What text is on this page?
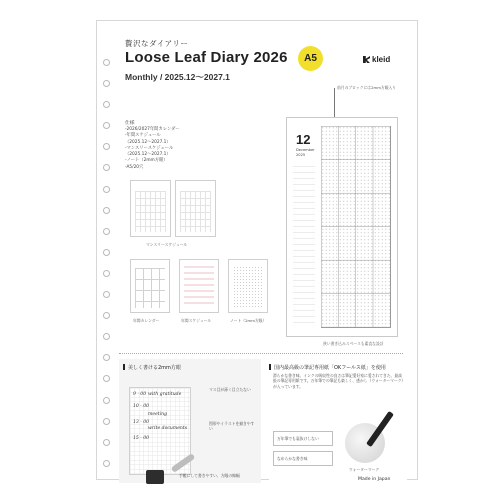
贅沢なダイアリー
Loose Leaf Diary 2026
Monthly / 2025.12〜2027.1
A5	kleid
仕様
-2026/2027年間カレンダー
-年間スケジュール
（2025.12〜2027.1）
-マンスリースケジュール
（2025.12〜2027.1）
-ノート（2mm方眼）
-A5/20穴
マンスリースケジュール
年間カレンダー	年間スケジュール	ノート（2mm方眼）
前月のブロックには2mm方眼入り
12
December
2025
狭い書き込みスペースも素直な設計
美しく書ける2mm方眼
9 · 00 with gratitude
10 · 00
meeting
13 · 00
write documents
15 · 00
マス目が薄く目立たない
図形やイラストを描きやすい
手帳にして書きやすい、方眼の線幅
国内最高級の筆記専用紙「OKフールス紙」を使用
滑らかな書き味、インクの吸収性の良さは筆記愛好家に愛されてきた、最高級の筆記専用紙です。万年筆での筆記も楽しく、透かし（ウォーターマーク）が入っています。
万年筆でも裏抜けしない
なめらかな書き味
ウォーターマーク
Made in Japan
